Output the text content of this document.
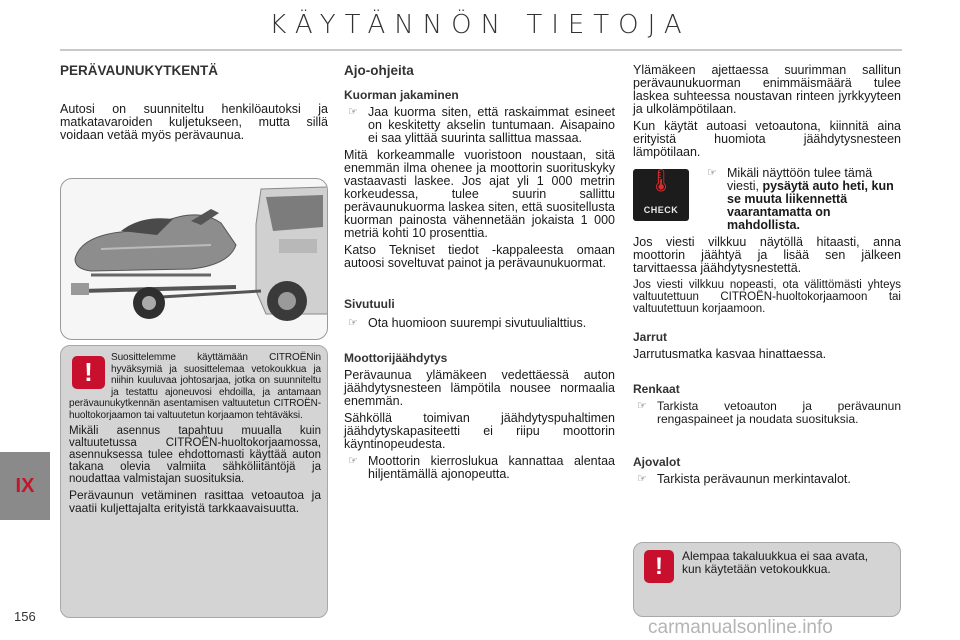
KÄYTÄNNÖN TIETOJA
IX
156
PERÄVAUNUKYTKENTÄ
Autosi on suunniteltu henkilöautoksi ja matkatavaroiden kuljetukseen, mutta sillä voidaan vetää myös perävaunua.
!	Suosittelemme käyttämään CITROËNin hyväksymiä ja suosittelemaa vetokoukkua ja niihin kuuluvaa johtosarjaa, jotka on suunniteltu ja testattu ajoneuvosi ehdoilla, ja antamaan perävaunukytkennän asentamisen valtuutetun CITROËN-huoltokorjaamon tai valtuutetun korjaamon tehtäväksi.
Mikäli asennus tapahtuu muualla kuin valtuutetussa CITROËN-huoltokorjaamossa, asennuksessa tulee ehdottomasti käyttää auton takana olevia valmiita sähköliitäntöjä ja noudattaa valmistajan suosituksia.
Perävaunun vetäminen rasittaa vetoautoa ja vaatii kuljettajalta erityistä tarkkaavaisuutta.
Ajo-ohjeita
Kuorman jakaminen
☞ Jaa kuorma siten, että raskaimmat esineet on keskitetty akselin tuntumaan. Aisapaino ei saa ylittää suurinta sallittua massaa.
Mitä korkeammalle vuoristoon noustaan, sitä enemmän ilma ohenee ja moottorin suorituskyky vastaavasti laskee. Jos ajat yli 1 000 metrin korkeudessa, tulee suurin sallittu perävaunukuorma laskea siten, että suositellusta kuorman painosta vähennetään jokaista 1 000 metriä kohti 10 prosenttia.
Katso Tekniset tiedot -kappaleesta omaan autoosi soveltuvat painot ja perävaunukuormat.
Sivutuuli
☞ Ota huomioon suurempi sivutuulialttius.
Moottorijäähdytys
Perävaunua ylämäkeen vedettäessä auton jäähdytysnesteen lämpötila nousee normaalia enemmän.
Sähköllä toimivan jäähdytyspuhaltimen jäähdytyskapasiteetti ei riipu moottorin käyntinopeudesta.
☞ Moottorin kierroslukua kannattaa alentaa hiljentämällä ajonopeutta.
Ylämäkeen ajettaessa suurimman sallitun perävaunukuorman enimmäismäärä tulee laskea suhteessa noustavan rinteen jyrkkyyteen ja ulkolämpötilaan.
Kun käytät autoasi vetoautona, kiinnitä aina erityistä huomiota jäähdytysnesteen lämpötilaan.
🌡
CHECK
☞ Mikäli näyttöön tulee tämä viesti, pysäytä auto heti, kun se muuta liikennettä vaarantamatta on mahdollista.
Jos viesti vilkkuu näytöllä hitaasti, anna moottorin jäähtyä ja lisää sen jälkeen tarvittaessa jäähdytysnestettä.
Jos viesti vilkkuu nopeasti, ota välittömästi yhteys valtuutettuun CITROËN-huoltokorjaamoon tai valtuutettuun korjaamoon.
Jarrut
Jarrutusmatka kasvaa hinattaessa.
Renkaat
☞ Tarkista vetoauton ja perävaunun rengaspaineet ja noudata suosituksia.
Ajovalot
☞ Tarkista perävaunun merkintavalot.
!	Alempaa takaluukkua ei saa avata, kun käytetään vetokoukkua.
carmanualsonline.info
